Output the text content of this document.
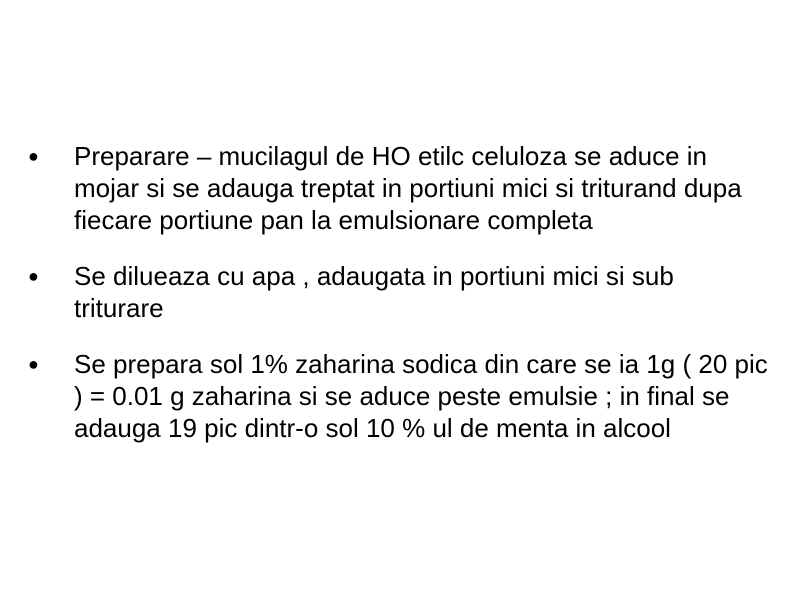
● Preparare – mucilagul de HO etilc celuloza se aduce in mojar si se adauga treptat in portiuni mici si triturand dupa fiecare portiune pan la emulsionare completa
● Se dilueaza cu apa , adaugata in portiuni mici si sub triturare
● Se prepara sol 1% zaharina sodica din care se ia 1g ( 20 pic ) = 0.01 g zaharina si se aduce peste emulsie ; in final se adauga 19 pic dintr-o sol 10 % ul de menta in alcool
